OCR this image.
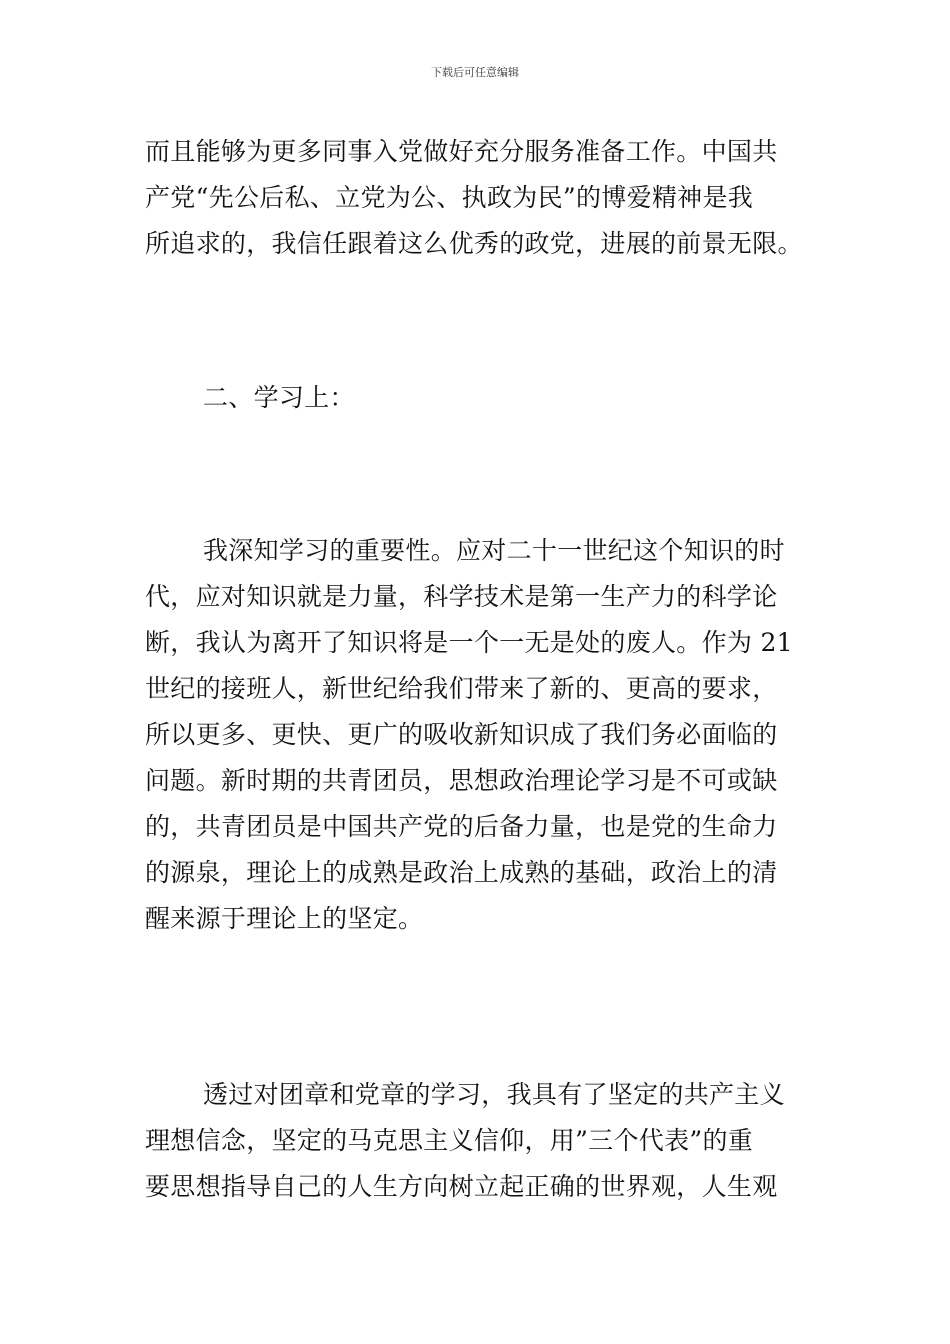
下载后可任意编辑
而且能够为更多同事入党做好充分服务准备工作。中国共
产党“先公后私、立党为公、执政为民”的博爱精神是我
所追求的，我信任跟着这么优秀的政党，进展的前景无限。
二、学习上：
我深知学习的重要性。应对二十一世纪这个知识的时
代，应对知识就是力量，科学技术是第一生产力的科学论
断，我认为离开了知识将是一个一无是处的废人。作为 21
世纪的接班人，新世纪给我们带来了新的、更高的要求，
所以更多、更快、更广的吸收新知识成了我们务必面临的
问题。新时期的共青团员，思想政治理论学习是不可或缺
的，共青团员是中国共产党的后备力量，也是党的生命力
的源泉，理论上的成熟是政治上成熟的基础，政治上的清
醒来源于理论上的坚定。
透过对团章和党章的学习，我具有了坚定的共产主义
理想信念，坚定的马克思主义信仰，用”三个代表”的重
要思想指导自己的人生方向树立起正确的世界观，人生观
